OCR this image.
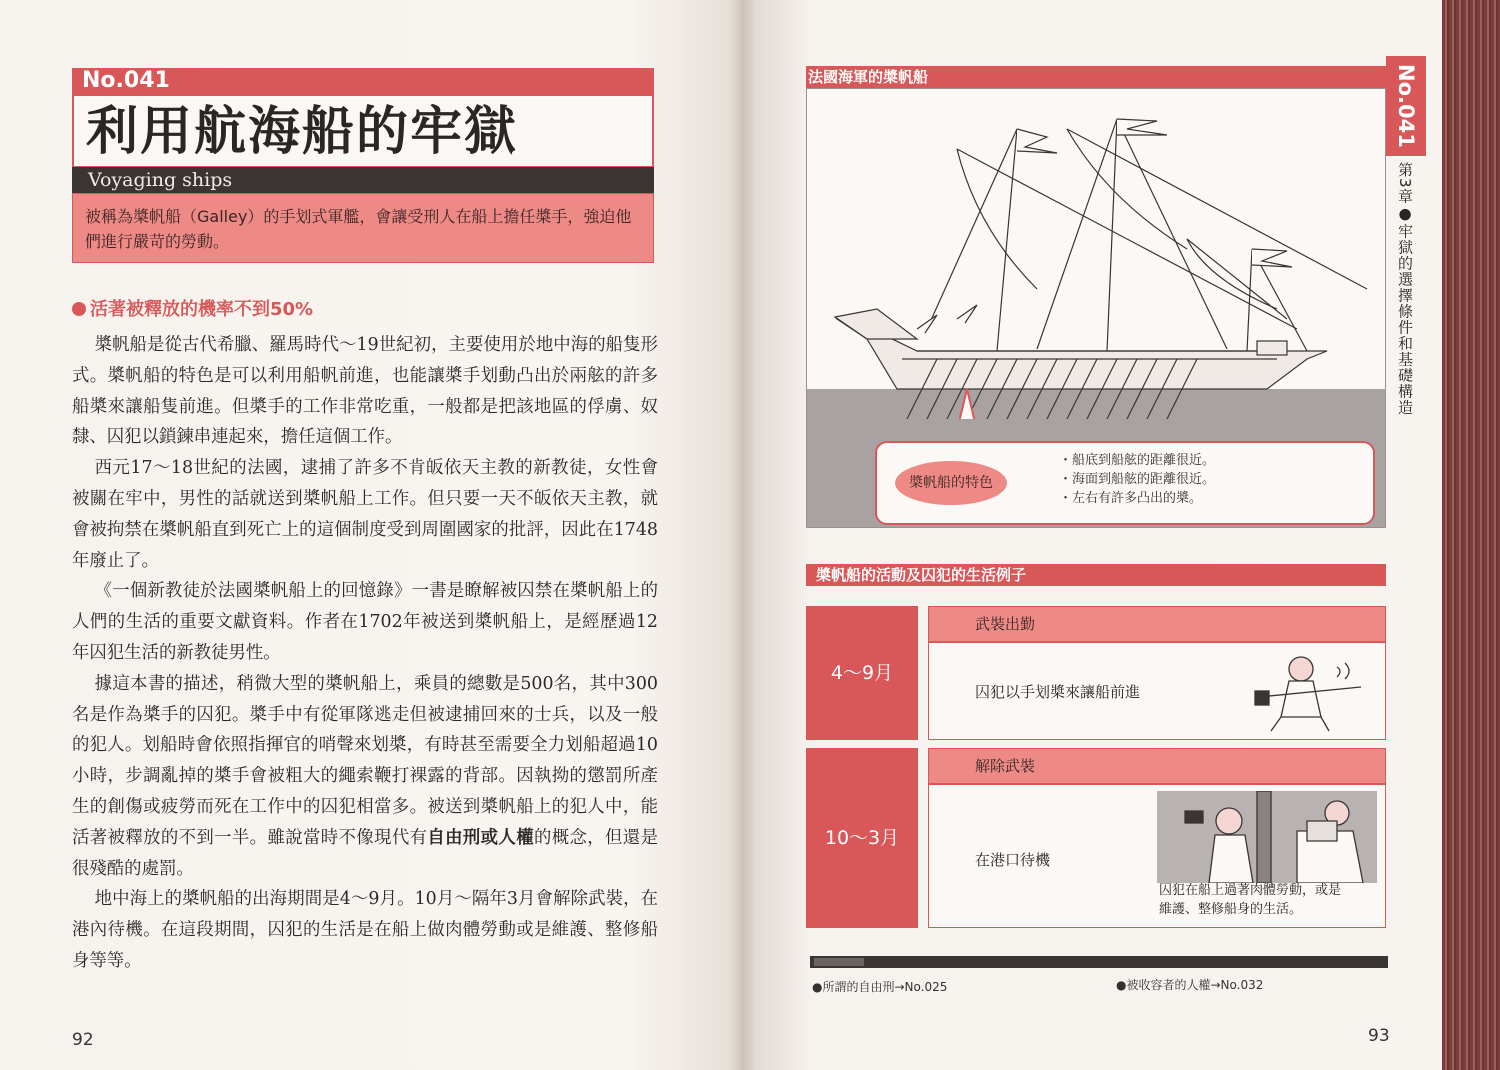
No.041
利用航海船的牢獄
Voyaging ships

被稱為槳帆船（Galley）的手划式軍艦，會讓受刑人在船上擔任槳手，強迫他們進行嚴苛的勞動。

活著被釋放的機率不到50%

槳帆船是從古代希臘、羅馬時代～19世紀初，主要使用於地中海的船隻形式。槳帆船的特色是可以利用船帆前進，也能讓槳手划動凸出於兩舷的許多船槳來讓船隻前進。但槳手的工作非常吃重，一般都是把該地區的俘虜、奴隸、囚犯以鎖鍊串連起來，擔任這個工作。

西元17～18世紀的法國，逮捕了許多不肯皈依天主教的新教徒，女性會被關在牢中，男性的話就送到槳帆船上工作。但只要一天不皈依天主教，就會被拘禁在槳帆船直到死亡上的這個制度受到周圍國家的批評，因此在1748年廢止了。

《一個新教徒於法國槳帆船上的回憶錄》一書是瞭解被囚禁在槳帆船上的人們的生活的重要文獻資料。作者在1702年被送到槳帆船上，是經歷過12年囚犯生活的新教徒男性。

據這本書的描述，稍微大型的槳帆船上，乘員的總數是500名，其中300名是作為槳手的囚犯。槳手中有從軍隊逃走但被逮捕回來的士兵，以及一般的犯人。划船時會依照指揮官的哨聲來划槳，有時甚至需要全力划船超過10小時，步調亂掉的槳手會被粗大的繩索鞭打裸露的背部。因執拗的懲罰所產生的創傷或疲勞而死在工作中的囚犯相當多。被送到槳帆船上的犯人中，能活著被釋放的不到一半。雖說當時不像現代有自由刑或人權的概念，但還是很殘酷的處罰。

地中海上的槳帆船的出海期間是4～9月。10月～隔年3月會解除武裝，在港內待機。在這段期間，囚犯的生活是在船上做肉體勞動或是維護、整修船身等等。

92
No.041
第3章●牢獄的選擇條件和基礎構造
法國海軍的槳帆船
槳帆船的特色
・船底到船舷的距離很近。
・海面到船舷的距離很近。
・左右有許多凸出的槳。
槳帆船的活動及囚犯的生活例子
4～9月
武裝出勤
囚犯以手划槳來讓船前進
10～3月
解除武裝
在港口待機
囚犯在船上過著肉體勞動，或是
維護、整修船身的生活。
●所謂的自由刑→No.025	●被收容者的人權→No.032
93
